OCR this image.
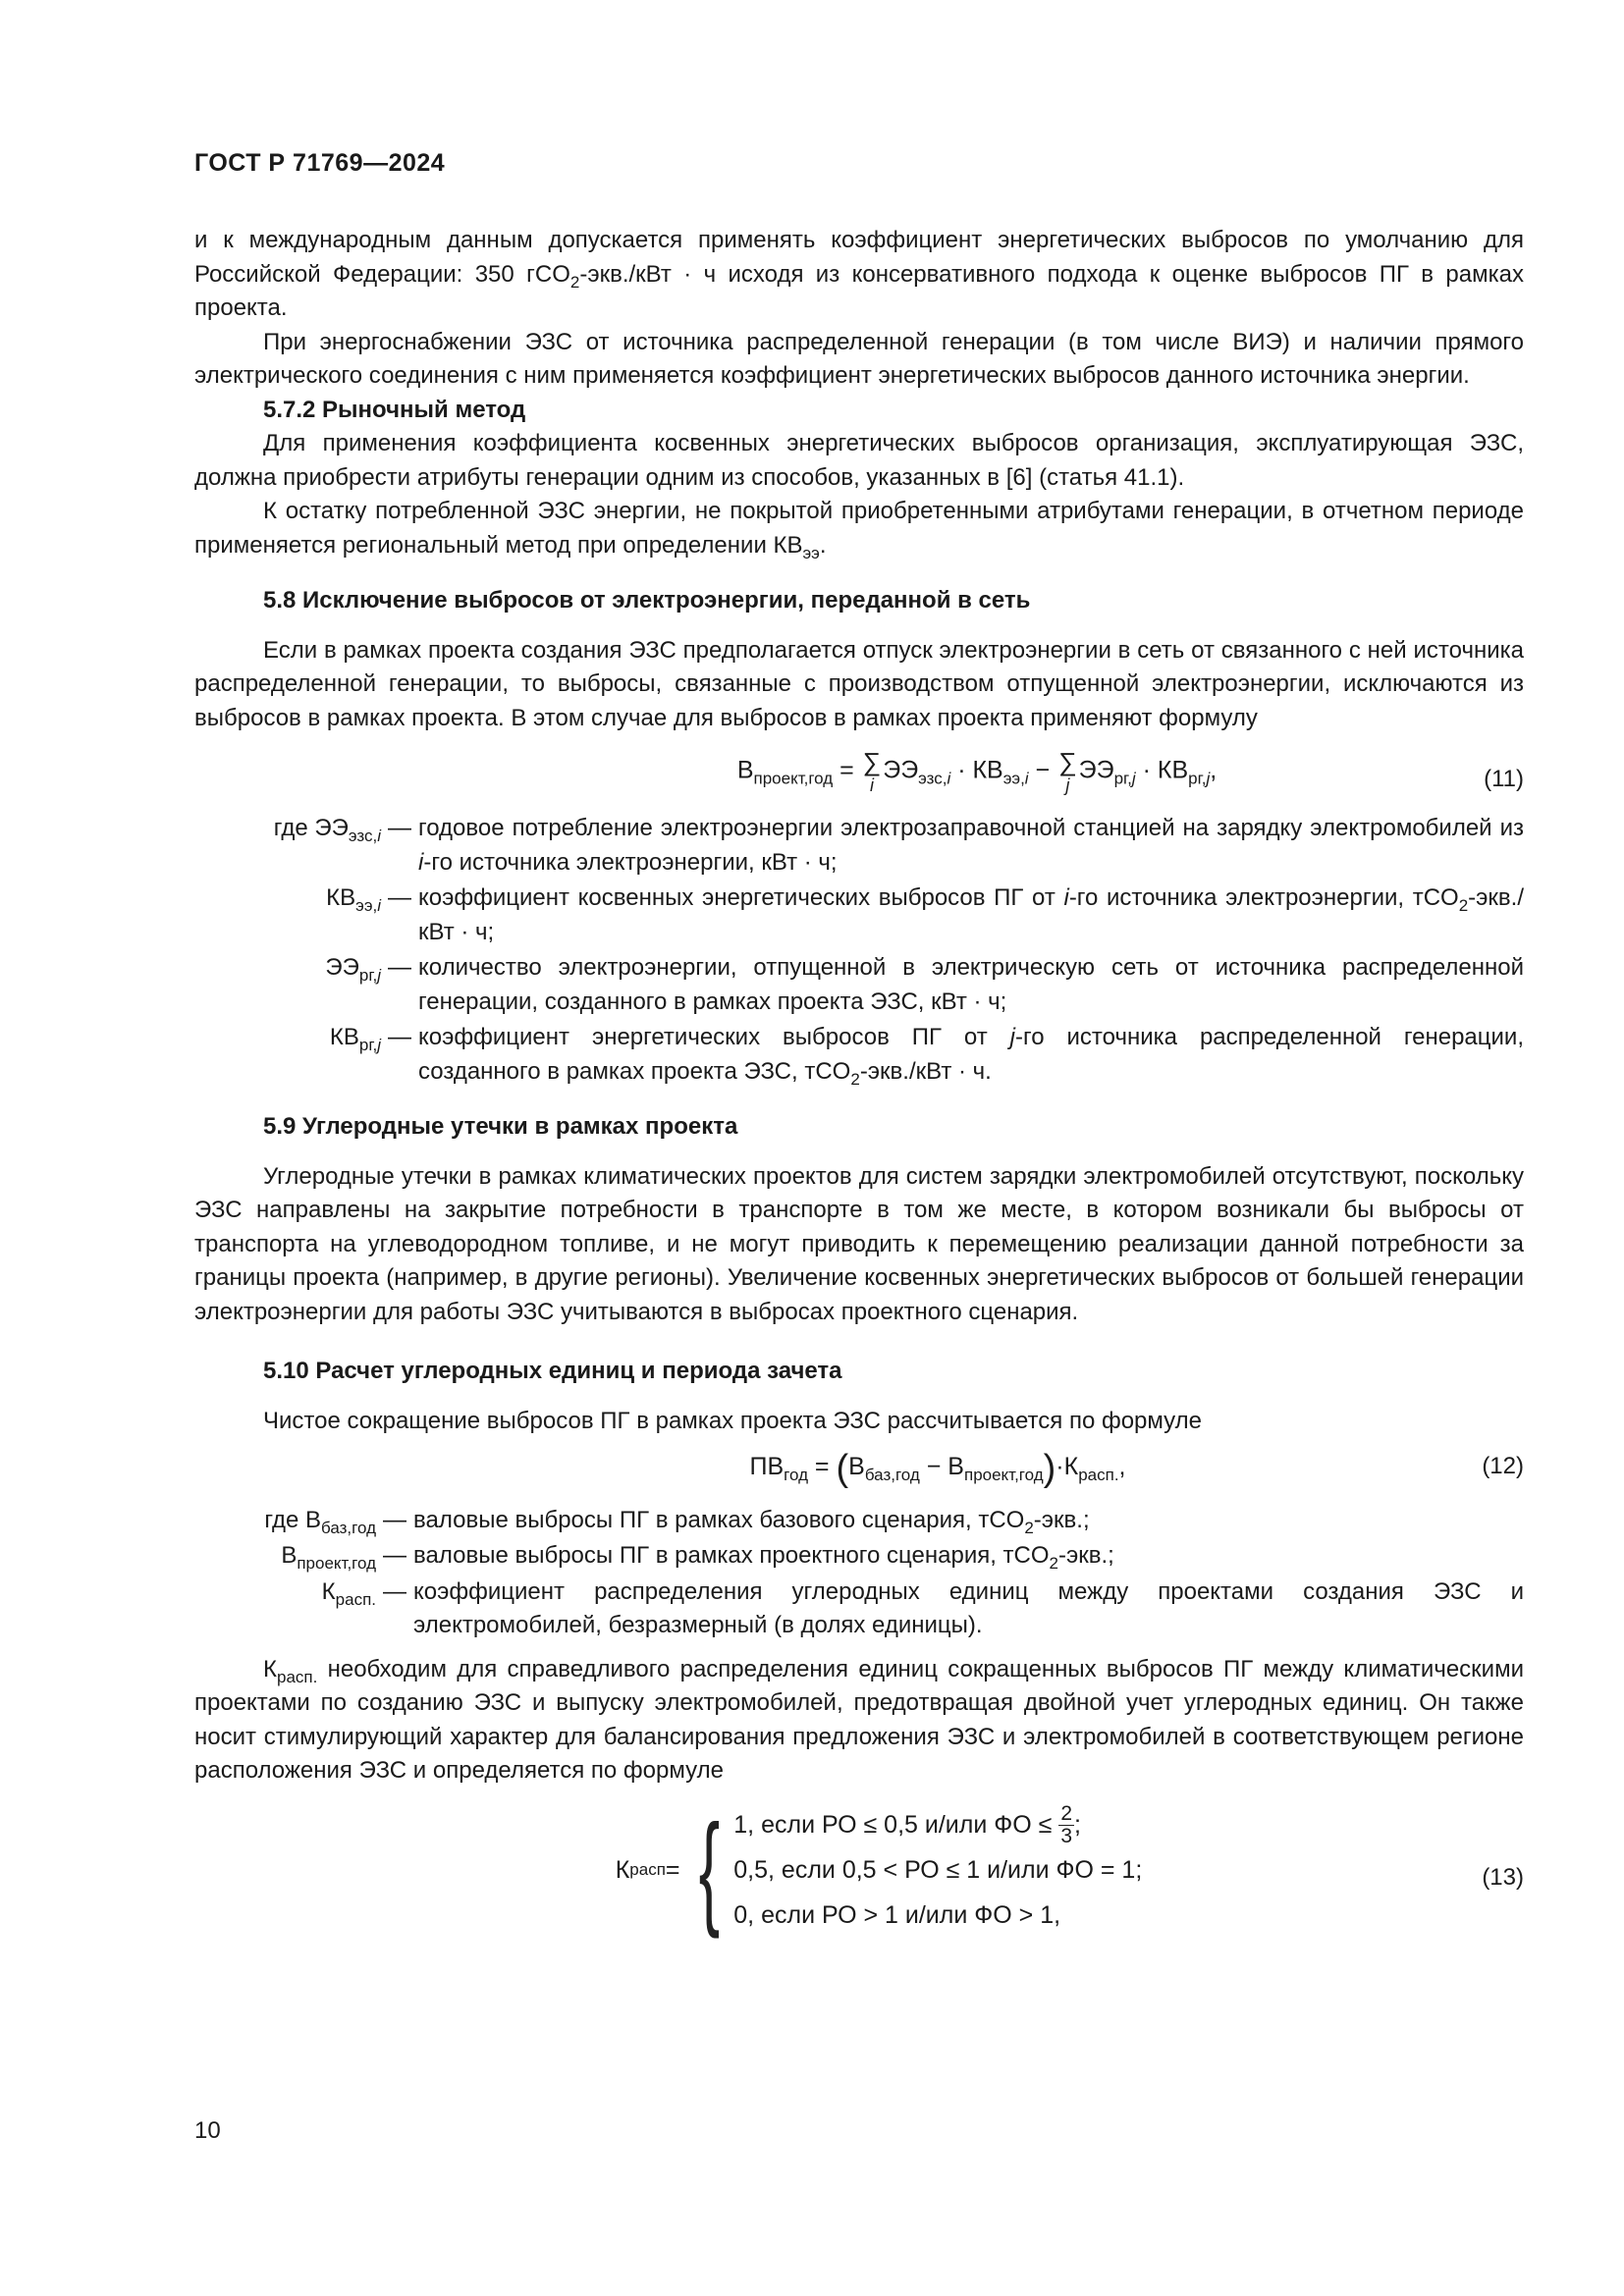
ГОСТ Р 71769—2024

и к международным данным допускается применять коэффициент энергетических выбросов по умолчанию для Российской Федерации: 350 гСO$_2$-экв./кВт · ч исходя из консервативного подхода к оценке выбросов ПГ в рамках проекта.

При энергоснабжении ЭЗС от источника распределенной генерации (в том числе ВИЭ) и наличии прямого электрического соединения с ним применяется коэффициент энергетических выбросов данного источника энергии.

5.7.2 Рыночный метод

Для применения коэффициента косвенных энергетических выбросов организация, эксплуатирующая ЭЗС, должна приобрести атрибуты генерации одним из способов, указанных в [6] (статья 41.1).

К остатку потребленной ЭЗС энергии, не покрытой приобретенными атрибутами генерации, в отчетном периоде применяется региональный метод при определении $КВ_{ээ}$.

5.8 Исключение выбросов от электроэнергии, переданной в сеть

Если в рамках проекта создания ЭЗС предполагается отпуск электроэнергии в сеть от связанного с ней источника распределенной генерации, то выбросы, связанные с производством отпущенной электроэнергии, исключаются из выбросов в рамках проекта. В этом случае для выбросов в рамках проекта применяют формулу

$В_{проект,год}$ = ∑
i
$ЭЭ_{эзс,i} \cdot КВ_{ээ,i}$ − ∑
j
$ЭЭ_{рг,j} \cdot КВ_{рг,j}$,	(11)
где $ЭЭ_{эзс,i}$ — годовое потребление электроэнергии электрозаправочной станцией на зарядку электромобилей из i-го источника электроэнергии, кВт · ч;
$КВ_{ээ,i}$ — коэффициент косвенных энергетических выбросов ПГ от i-го источника электроэнергии, тСO$_2$-экв./кВт · ч;
$ЭЭ_{рг,j}$ — количество электроэнергии, отпущенной в электрическую сеть от источника распределенной генерации, созданного в рамках проекта ЭЗС, кВт · ч;
$КВ_{рг,j}$ — коэффициент энергетических выбросов ПГ от j-го источника распределенной генерации, созданного в рамках проекта ЭЗС, тСO$_2$-экв./кВт · ч.
5.9 Углеродные утечки в рамках проекта

Углеродные утечки в рамках климатических проектов для систем зарядки электромобилей отсутствуют, поскольку ЭЗС направлены на закрытие потребности в транспорте в том же месте, в котором возникали бы выбросы от транспорта на углеводородном топливе, и не могут приводить к перемещению реализации данной потребности за границы проекта (например, в другие регионы). Увеличение косвенных энергетических выбросов от большей генерации электроэнергии для работы ЭЗС учитываются в выбросах проектного сценария.

5.10 Расчет углеродных единиц и периода зачета

Чистое сокращение выбросов ПГ в рамках проекта ЭЗС рассчитывается по формуле

$ПВ_{год} = (В_{баз,год} - В_{проект,год})\cdot К_{расп.}$,	(12)
где $В_{баз,год}$ — валовые выбросы ПГ в рамках базового сценария, тСO$_2$-экв.;
$В_{проект,год}$ — валовые выбросы ПГ в рамках проектного сценария, тСO$_2$-экв.;
$К_{расп.}$ — коэффициент распределения углеродных единиц между проектами создания ЭЗС и электромобилей, безразмерный (в долях единицы).

$К_{расп.}$ необходим для справедливого распределения единиц сокращенных выбросов ПГ между климатическими проектами по созданию ЭЗС и выпуску электромобилей, предотвращая двойной учет углеродных единиц. Он также носит стимулирующий характер для балансирования предложения ЭЗС и электромобилей в соответствующем регионе расположения ЭЗС и определяется по формуле

К расп = { 1, если РО ≤ 0,5 и/или ФО ≤ $\frac{2}{3}$ ;
0,5, если 0,5 < РО ≤ 1 и/или ФО = 1;
0, если РО > 1 и/или ФО > 1,
(13)
10
